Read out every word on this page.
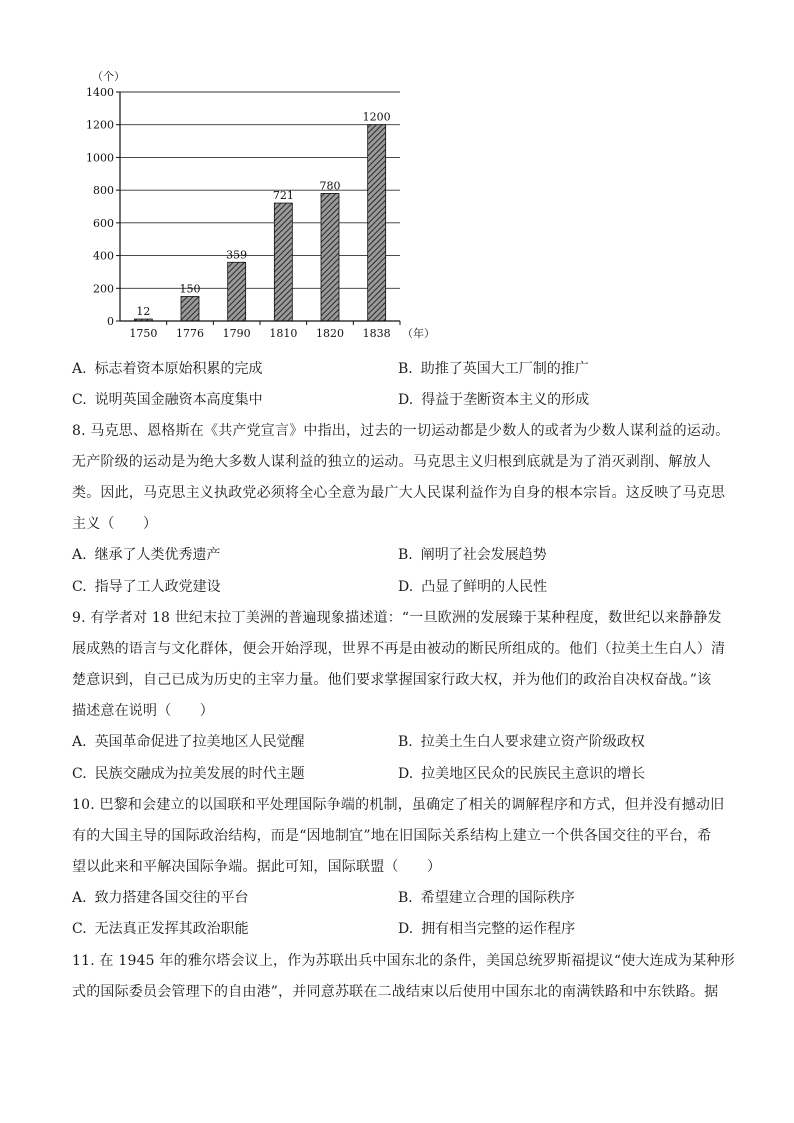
0
200
400
600
800
1000
1200
1400
（个）
12
1750
150
1776
359
1790
721
1810
780
1820
1200
1838 （年）
A. 标志着资本原始积累的完成	B. 助推了英国大工厂制的推广
C. 说明英国金融资本高度集中	D. 得益于垄断资本主义的形成
8. 马克思、恩格斯在《共产党宣言》中指出，过去的一切运动都是少数人的或者为少数人谋利益的运动。
无产阶级的运动是为绝大多数人谋利益的独立的运动。马克思主义归根到底就是为了消灭剥削、解放人
类。因此，马克思主义执政党必须将全心全意为最广大人民谋利益作为自身的根本宗旨。这反映了马克思
主义（　　）
A. 继承了人类优秀遗产	B. 阐明了社会发展趋势
C. 指导了工人政党建设	D. 凸显了鲜明的人民性
9. 有学者对 18 世纪末拉丁美洲的普遍现象描述道：“一旦欧洲的发展臻于某种程度，数世纪以来静静发
展成熟的语言与文化群体，便会开始浮现，世界不再是由被动的断民所组成的。他们（拉美土生白人）清
楚意识到，自己已成为历史的主宰力量。他们要求掌握国家行政大权，并为他们的政治自决权奋战。”该
描述意在说明（　　）
A. 英国革命促进了拉美地区人民觉醒	B. 拉美土生白人要求建立资产阶级政权
C. 民族交融成为拉美发展的时代主题	D. 拉美地区民众的民族民主意识的增长
10. 巴黎和会建立的以国联和平处理国际争端的机制，虽确定了相关的调解程序和方式，但并没有撼动旧
有的大国主导的国际政治结构，而是“因地制宜”地在旧国际关系结构上建立一个供各国交往的平台，希
望以此来和平解决国际争端。据此可知，国际联盟（　　）
A. 致力搭建各国交往的平台	B. 希望建立合理的国际秩序
C. 无法真正发挥其政治职能	D. 拥有相当完整的运作程序
11. 在 1945 年的雅尔塔会议上，作为苏联出兵中国东北的条件，美国总统罗斯福提议“使大连成为某种形
式的国际委员会管理下的自由港”，并同意苏联在二战结束以后使用中国东北的南满铁路和中东铁路。据
